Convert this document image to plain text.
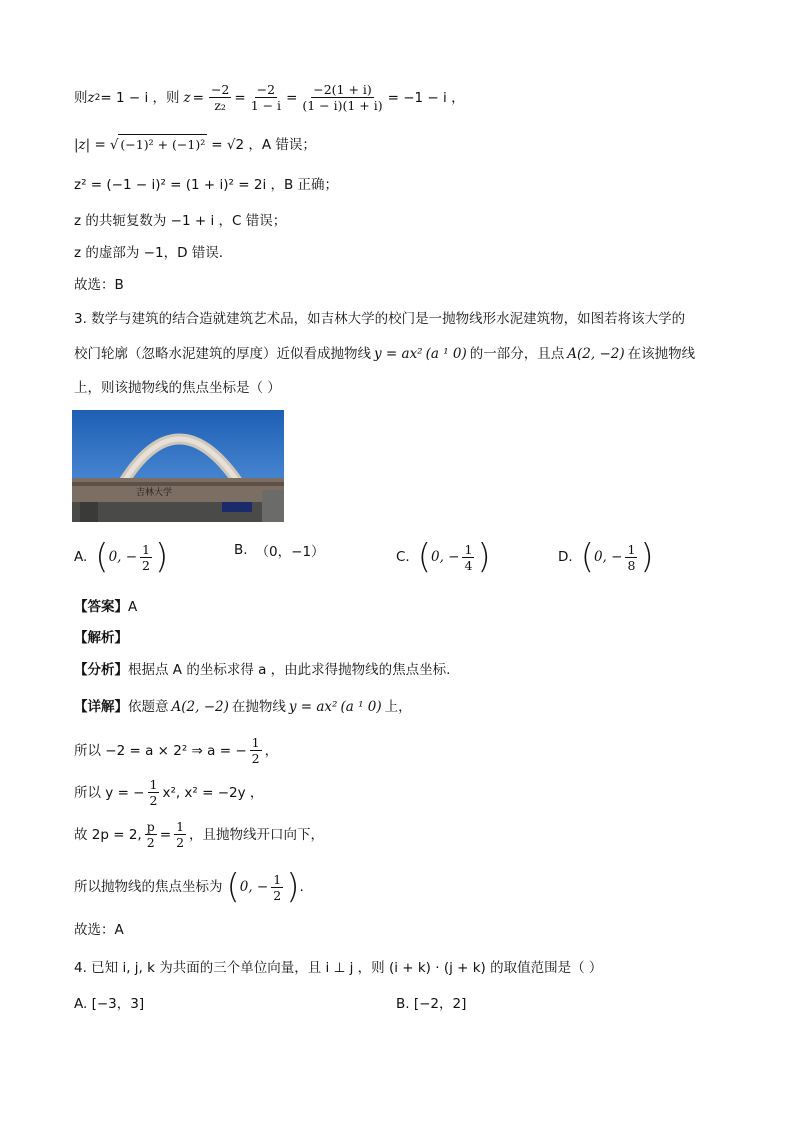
则 z 2 = 1 − i ，则 $z = \frac{-2}{\text{z₂}} = \frac{-2}{1 - i} = \frac{-2(1 + i)}{(1 - i)(1 + i)} = -1 - i$ ，
|z| = √ (−1)² + (−1)² = √2 ，A 错误；
z² = (−1 − i)² = (1 + i)² = 2i ，B 正确；
z 的共轭复数为 −1 + i ，C 错误；
z 的虚部为 −1，D 错误.
故选：B
3. 数学与建筑的结合造就建筑艺术品，如吉林大学的校门是一抛物线形水泥建筑物，如图若将该大学的
校门轮廓（忽略水泥建筑的厚度）近似看成抛物线 y = ax² (a ¹ 0) 的一部分，且点 A(2, −2) 在该抛物线
上，则该抛物线的焦点坐标是（ ）
吉林大学
A. ( 0, − $\frac{1}{2}$ )	B. （0，−1）	C. ( 0, − $\frac{1}{4}$ )	D. ( 0, − $\frac{1}{8}$ )
【答案】 A
【解析】
【分析】 根据点 A 的坐标求得 a ，由此求得抛物线的焦点坐标.
【详解】 依题意 A(2, −2) 在抛物线 y = ax² (a ¹ 0) 上，
所以 −2 = a × 2² ⇒ a = − $\frac{1}{2}$ ，
所以 y = − $\frac{1}{2} x^2$, x² = −2y ，
故 2p = 2, $\frac{p}{2} = \frac{1}{2}$ ，且抛物线开口向下，
所以抛物线的焦点坐标为 ( 0, − $\frac{1}{2}$ ) .
故选：A
4. 已知 i, j, k 为共面的三个单位向量，且 i ⊥ j ，则 (i + k) · (j + k) 的取值范围是（ ）
A. [−3，3]	B. [−2，2]
